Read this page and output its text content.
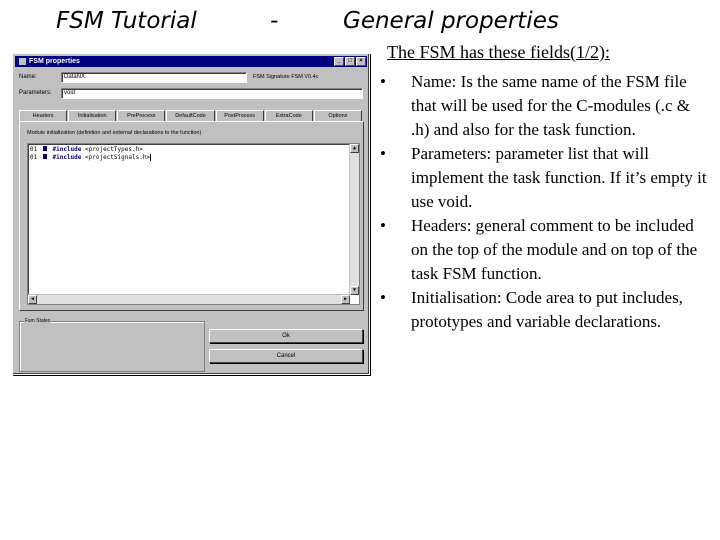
FSM Tutorial	-	General properties
FSM properties	_	□	×
Name:	DataNX	FSM Signature FSM V0.4c
Parameters:	void
Headers	Initialisation	PreProcess	DefaultCode	PostProcess	ExtraCode	Options
Module initialization (definition and external declarations to the function)
01	#include <projectTypes.h>
01	#include <projectSignals.h>
▲
▼
◀	▶
Fsm States
Ok
Cancel
The FSM has these fields(1/2):
• Name: Is the same name of the FSM file that will be used for the C-modules (.c & .h) and also for the task function.
• Parameters: parameter list that will implement the task function. If it’s empty it use void.
• Headers: general comment to be included on the top of the module and on top of the task FSM function.
• Initialisation: Code area to put includes, prototypes and variable declarations.
